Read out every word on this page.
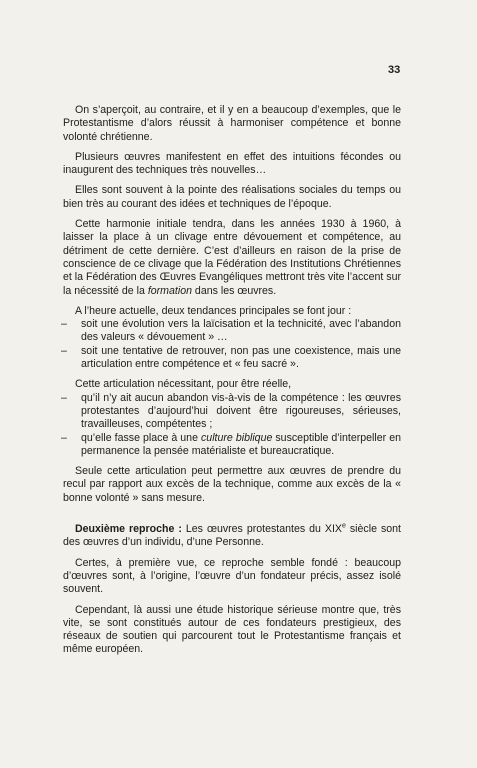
33

On s’aperçoit, au contraire, et il y en a beaucoup d’exemples, que le Protestantisme d’alors réussit à harmoniser compétence et bonne volonté chrétienne.

Plusieurs œuvres manifestent en effet des intuitions fécondes ou inaugurent des techniques très nouvelles…

Elles sont souvent à la pointe des réalisations sociales du temps ou bien très au courant des idées et techniques de l’époque.

Cette harmonie initiale tendra, dans les années 1930 à 1960, à laisser la place à un clivage entre dévouement et compétence, au détriment de cette dernière. C’est d’ailleurs en raison de la prise de conscience de ce clivage que la Fédération des Institutions Chrétiennes et la Fédération des Œuvres Evangéliques mettront très vite l’accent sur la nécessité de la formation dans les œuvres.

A l’heure actuelle, deux tendances principales se font jour :

– soit une évolution vers la laïcisation et la technicité, avec l’abandon des valeurs « dévouement » …
– soit une tentative de retrouver, non pas une coexistence, mais une articulation entre compétence et « feu sacré ».

Cette articulation nécessitant, pour être réelle,

– qu’il n’y ait aucun abandon vis-à-vis de la compétence : les œuvres protestantes d’aujourd’hui doivent être rigoureuses, sérieuses, travailleuses, compétentes ;
– qu’elle fasse place à une culture biblique susceptible d’interpeller en permanence la pensée matérialiste et bureaucratique.

Seule cette articulation peut permettre aux œuvres de prendre du recul par rapport aux excès de la technique, comme aux excès de la « bonne volonté » sans mesure.

Deuxième reproche : Les œuvres protestantes du XIXe siècle sont des œuvres d’un individu, d’une Personne.

Certes, à première vue, ce reproche semble fondé : beaucoup d’œuvres sont, à l’origine, l’œuvre d’un fondateur précis, assez isolé souvent.

Cependant, là aussi une étude historique sérieuse montre que, très vite, se sont constitués autour de ces fondateurs prestigieux, des réseaux de soutien qui parcourent tout le Protestantisme français et même européen.
